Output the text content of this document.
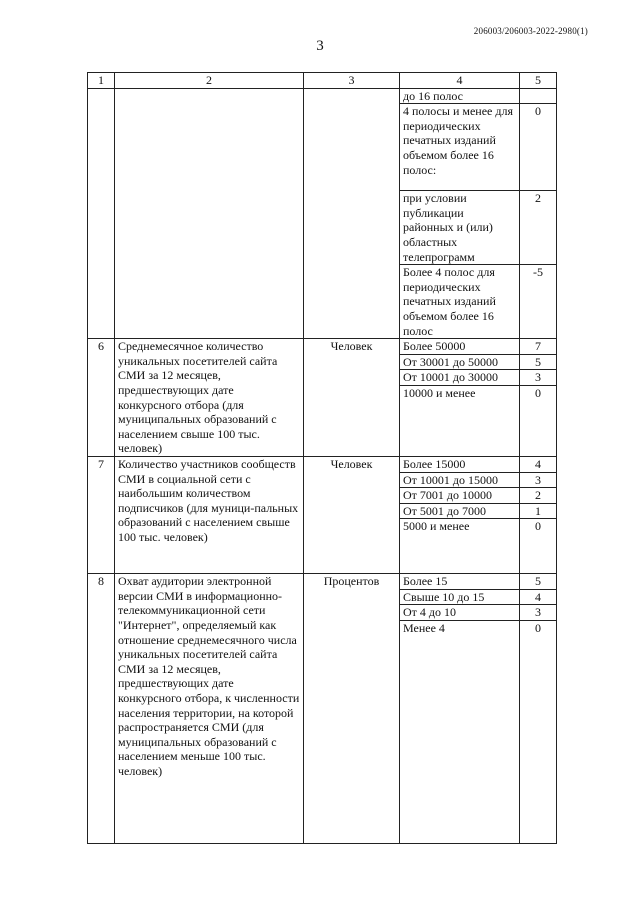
206003/206003-2022-2980(1)
3
1	2	3	4	5
			до 16 полос	
			4 полосы и менее для периодических печатных изданий объемом более 16 полос:	0
			при условии публикации районных и (или) областных телепрограмм	2
			Более 4 полос для периодических печатных изданий объемом более 16 полос	-5
6	Среднемесячное количество уникальных посетителей сайта СМИ за 12 месяцев, предшествующих дате конкурсного отбора (для муниципальных образований с населением свыше 100 тыс. человек)	Человек	Более 50000	7
			От 30001 до 50000	5
			От 10001 до 30000	3
			10000 и менее	0
7	Количество участников сообществ СМИ в социальной сети с наибольшим количеством подписчиков (для муници-пальных образований с населением свыше 100 тыс. человек)	Человек	Более 15000	4
			От 10001 до 15000	3
			От 7001 до 10000	2
			От 5001 до 7000	1
			5000 и менее	0
8	Охват аудитории электронной версии СМИ в информационно-телекоммуникационной сети "Интернет", определяемый как отношение среднемесячного числа уникальных посетителей сайта СМИ за 12 месяцев, предшествующих дате конкурсного отбора, к численности населения территории, на которой распространяется СМИ (для муниципальных образований с населением меньше 100 тыс. человек)	Процентов	Более 15	5
			Свыше 10 до 15	4
			От 4 до 10	3
			Менее 4	0
